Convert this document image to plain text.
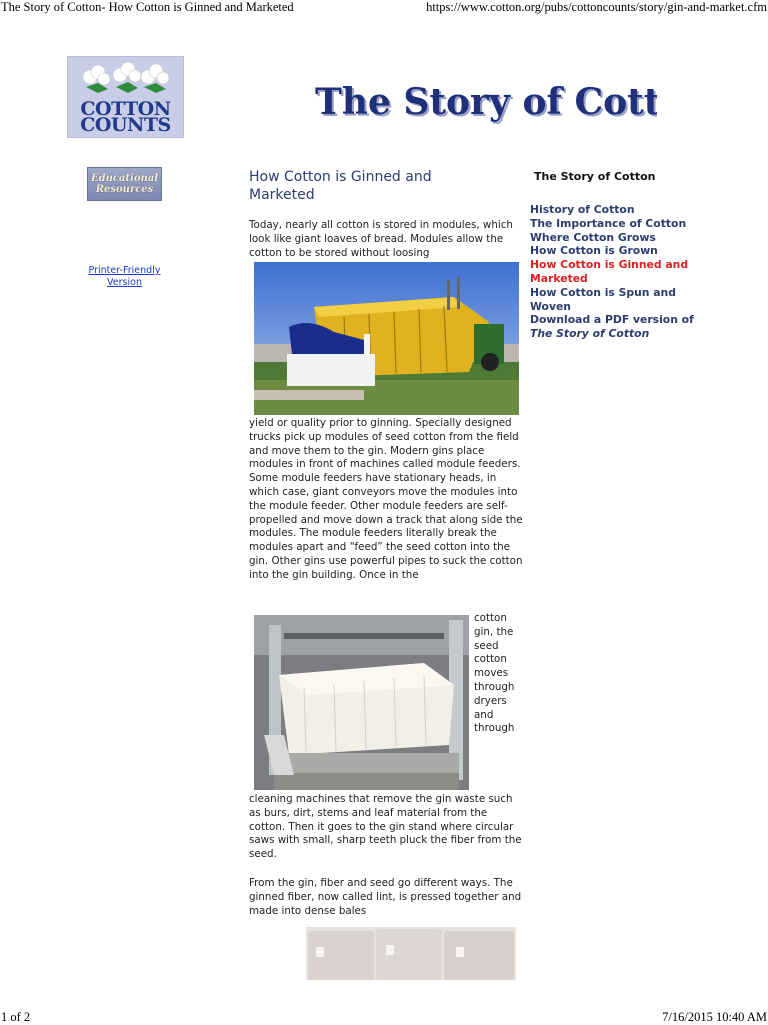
The Story of Cotton- How Cotton is Ginned and Marketed	https://www.cotton.org/pubs/cottoncounts/story/gin-and-market.cfm
COTTON
COUNTS	The Story of Cott
The Story of Cott
Educational
Resources
Printer-Friendly
Version
How Cotton is Ginned and Marketed
Today, nearly all cotton is stored in modules, which look like giant loaves of bread. Modules allow the cotton to be stored without loosing
yield or quality prior to ginning. Specially designed trucks pick up modules of seed cotton from the field and move them to the gin. Modern gins place modules in front of machines called module feeders. Some module feeders have stationary heads, in which case, giant conveyors move the modules into the module feeder. Other module feeders are self-propelled and move down a track that along side the modules. The module feeders literally break the modules apart and “feed” the seed cotton into the gin. Other gins use powerful pipes to suck the cotton into the gin building. Once in the
cotton gin, the seed cotton moves through dryers and through
cleaning machines that remove the gin waste such as burs, dirt, stems and leaf material from the cotton. Then it goes to the gin stand where circular saws with small, sharp teeth pluck the fiber from the seed.
From the gin, fiber and seed go different ways. The ginned fiber, now called lint, is pressed together and made into dense bales
The Story of Cotton
History of Cotton
The Importance of Cotton
Where Cotton Grows
How Cotton is Grown
How Cotton is Ginned and Marketed
How Cotton is Spun and Woven
Download a PDF version of The Story of Cotton
1 of 2	7/16/2015 10:40 AM
